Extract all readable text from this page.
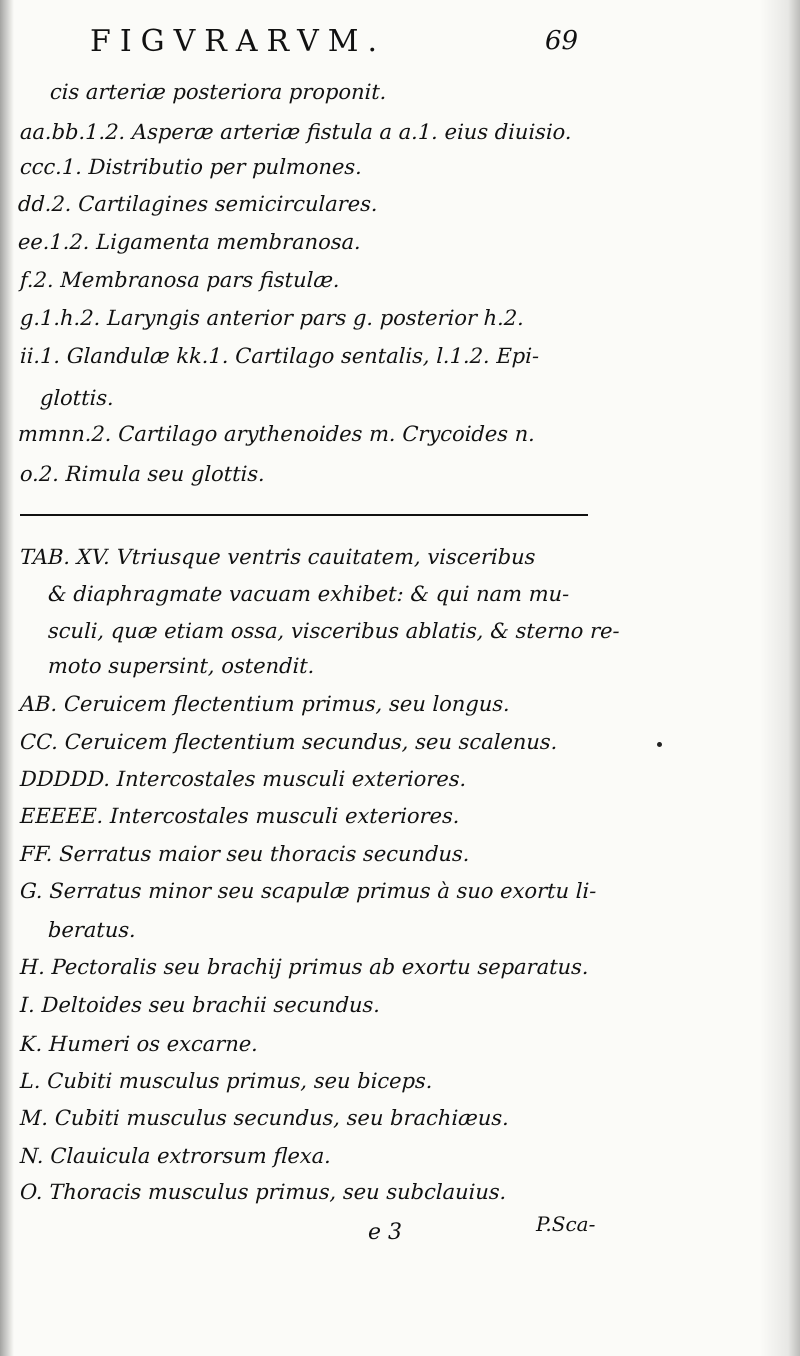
FIGVRARVM.	69
cis arteriæ posteriora proponit.
aa.bb.1.2. Asperæ arteriæ fistula a a.1. eius diuisio.
ccc.1. Distributio per pulmones.
dd.2. Cartilagines semicirculares.
ee.1.2. Ligamenta membranosa.
f.2. Membranosa pars fistulæ.
g.1.h.2. Laryngis anterior pars g. posterior h.2.
ii.1. Glandulæ kk.1. Cartilago sentalis, l.1.2. Epi-
glottis.
mmnn.2. Cartilago arythenoides m. Crycoides n.
o.2. Rimula seu glottis.
TAB. XV. Vtriusque ventris cauitatem, visceribus
& diaphragmate vacuam exhibet: & qui nam mu-
sculi, quæ etiam ossa, visceribus ablatis, & sterno re-
moto supersint, ostendit.
AB. Ceruicem flectentium primus, seu longus.
CC. Ceruicem flectentium secundus, seu scalenus.
DDDDD. Intercostales musculi exteriores.
EEEEE. Intercostales musculi exteriores.
FF. Serratus maior seu thoracis secundus.
G. Serratus minor seu scapulæ primus à suo exortu li-
beratus.
H. Pectoralis seu brachij primus ab exortu separatus.
I. Deltoides seu brachii secundus.
K. Humeri os excarne.
L. Cubiti musculus primus, seu biceps.
M. Cubiti musculus secundus, seu brachiæus.
N. Clauicula extrorsum flexa.
O. Thoracis musculus primus, seu subclauius.
e 3	P.Sca-
